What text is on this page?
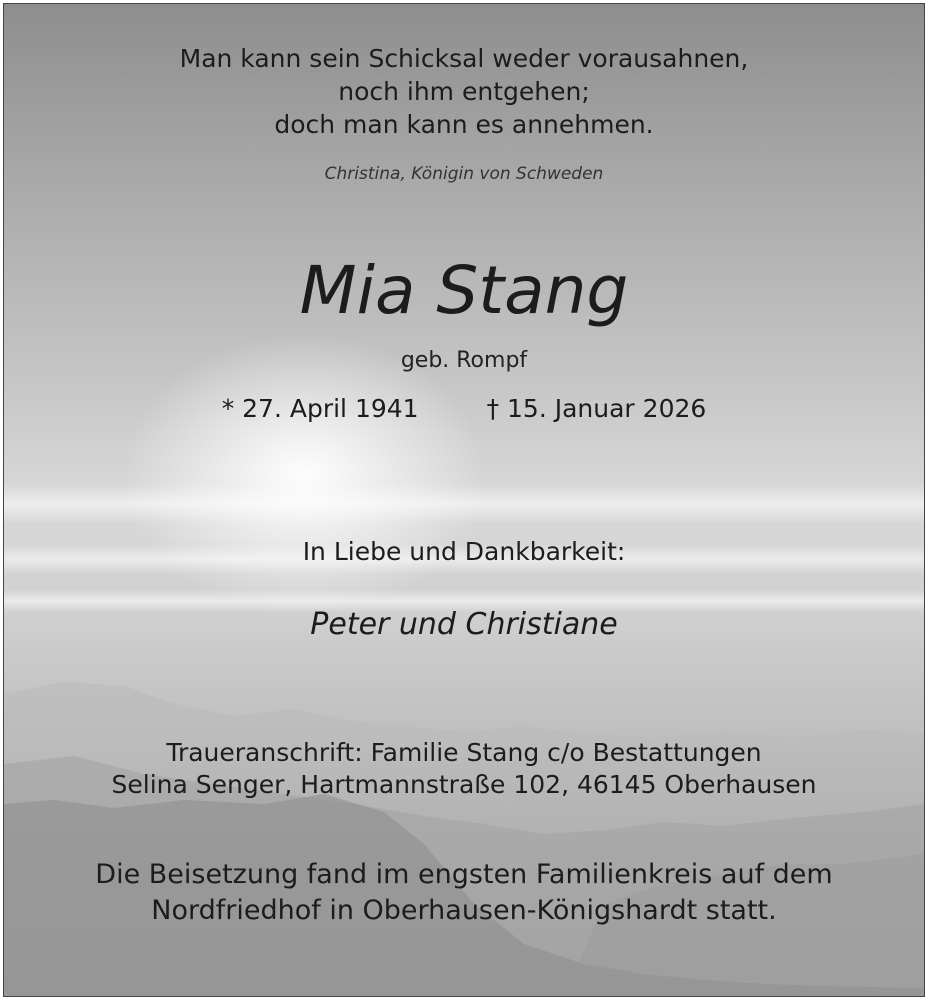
Man kann sein Schicksal weder vorausahnen,
noch ihm entgehen;
doch man kann es annehmen.
Christina, Königin von Schweden
Mia Stang
geb. Rompf
* 27. April 1941	† 15. Januar 2026
In Liebe und Dankbarkeit:
Peter und Christiane
Traueranschrift: Familie Stang c/o Bestattungen
Selina Senger, Hartmannstraße 102, 46145 Oberhausen
Die Beisetzung fand im engsten Familienkreis auf dem
Nordfriedhof in Oberhausen-Königshardt statt.
